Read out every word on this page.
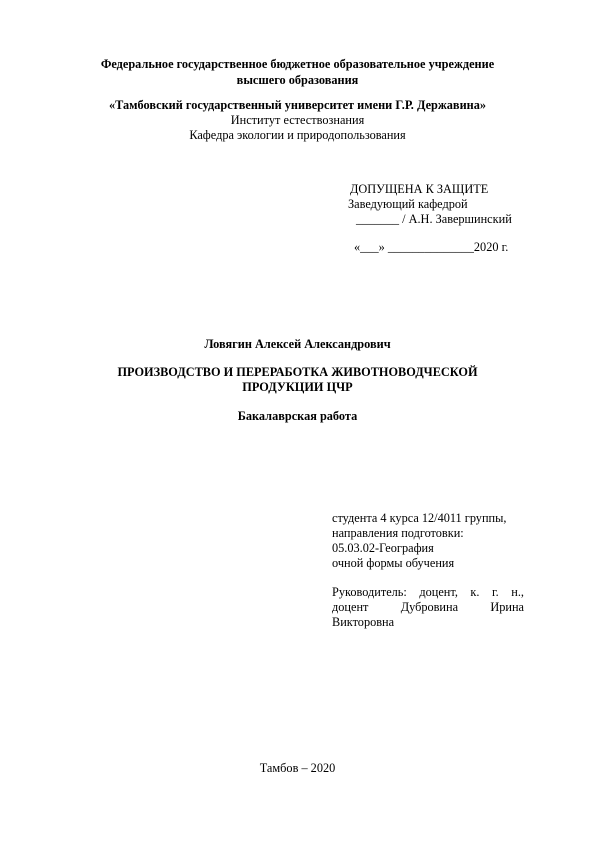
Федеральное государственное бюджетное образовательное учреждение
высшего образования
«Тамбовский государственный университет имени Г.Р. Державина»
Институт естествознания
Кафедра экологии и природопользования
ДОПУЩЕНА К ЗАЩИТЕ
Заведующий кафедрой
_______ / А.Н. Завершинский
«___» ______________2020 г.
Ловягин Алексей Александрович
ПРОИЗВОДСТВО И ПЕРЕРАБОТКА ЖИВОТНОВОДЧЕСКОЙ
ПРОДУКЦИИ ЦЧР
Бакалаврская работа
студента 4 курса 12/4011 группы,
направления подготовки:
05.03.02-География
очной формы обучения
Руководитель: доцент, к. г. н.,
доцент Дубровина Ирина
Викторовна
Тамбов – 2020
